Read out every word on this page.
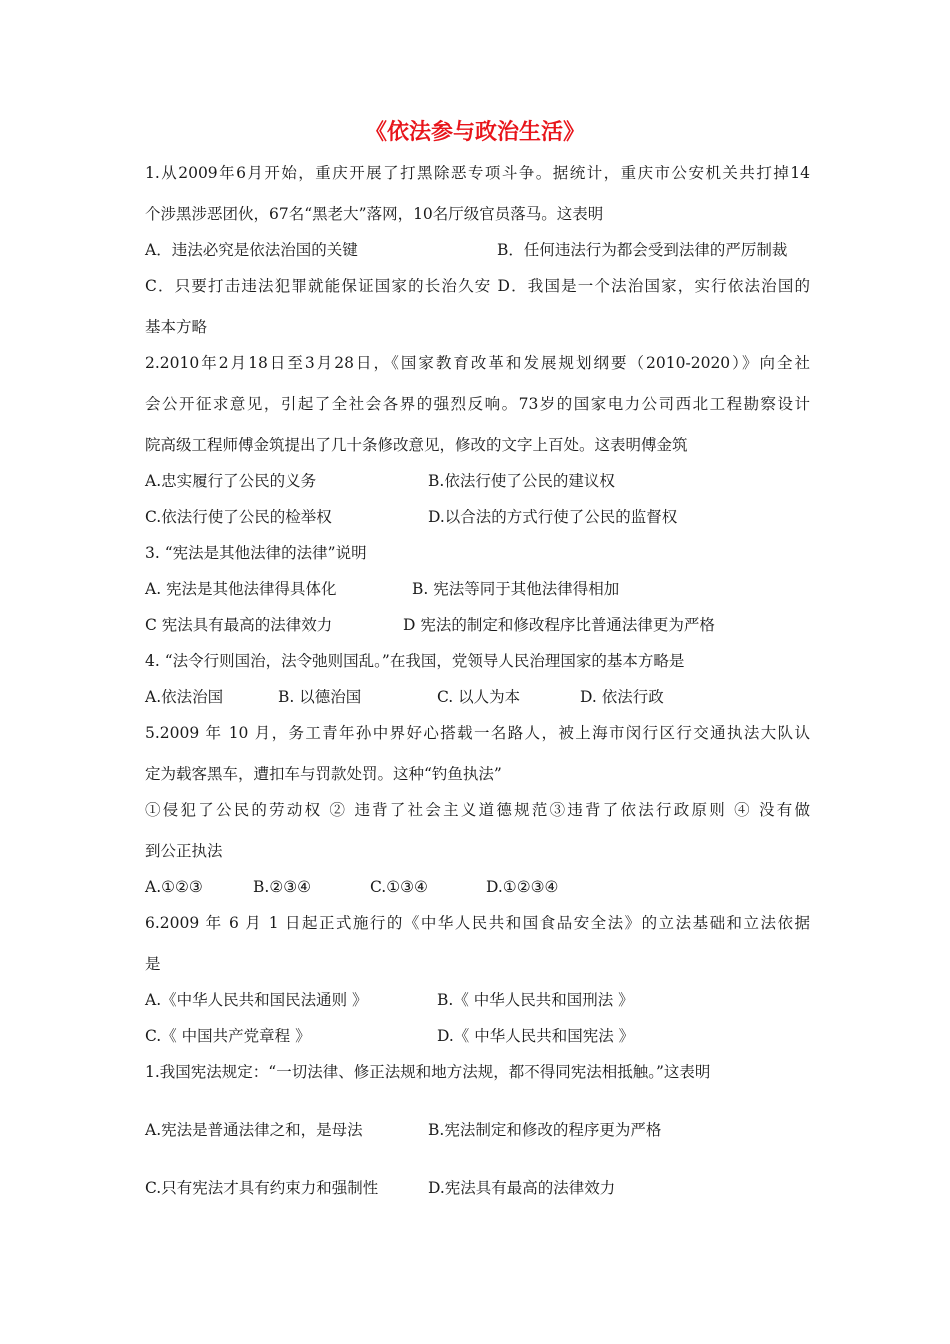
《依法参与政治生活》
1.从2009年6月开始，重庆开展了打黑除恶专项斗争。据统计，重庆市公安机关共打掉14
个涉黑涉恶团伙，67名“黑老大”落网，10名厅级官员落马。这表明
A．违法必究是依法治国的关键	B．任何违法行为都会受到法律的严厉制裁
C．只要打击违法犯罪就能保证国家的长治久安 D．我国是一个法治国家，实行依法治国的
基本方略
2.2010年2月18日至3月28日，《国家教育改革和发展规划纲要（2010-2020）》向全社
会公开征求意见，引起了全社会各界的强烈反响。73岁的国家电力公司西北工程勘察设计
院高级工程师傅金筑提出了几十条修改意见，修改的文字上百处。这表明傅金筑
A.忠实履行了公民的义务	B.依法行使了公民的建议权
C.依法行使了公民的检举权	D.以合法的方式行使了公民的监督权
3. “宪法是其他法律的法律”说明
A. 宪法是其他法律得具体化	B. 宪法等同于其他法律得相加
C 宪法具有最高的法律效力	D 宪法的制定和修改程序比普通法律更为严格
4. “法令行则国治，法令弛则国乱。”在我国，党领导人民治理国家的基本方略是
A.依法治国	B. 以德治国	C. 以人为本	D. 依法行政
5.2009 年 10 月，务工青年孙中界好心搭载一名路人，被上海市闵行区行交通执法大队认
定为载客黑车，遭扣车与罚款处罚。这种“钓鱼执法”
①侵犯了公民的劳动权 ② 违背了社会主义道德规范③违背了依法行政原则 ④ 没有做
到公正执法
A.①②③	B.②③④	C.①③④	D.①②③④
6.2009 年 6 月 1 日起正式施行的《中华人民共和国食品安全法》的立法基础和立法依据
是
A.《中华人民共和国民法通则 》	B.《 中华人民共和国刑法 》
C.《 中国共产党章程 》	D.《 中华人民共和国宪法 》
1.我国宪法规定：“一切法律、修正法规和地方法规，都不得同宪法相抵触。”这表明
A.宪法是普通法律之和，是母法	B.宪法制定和修改的程序更为严格
C.只有宪法才具有约束力和强制性	D.宪法具有最高的法律效力
